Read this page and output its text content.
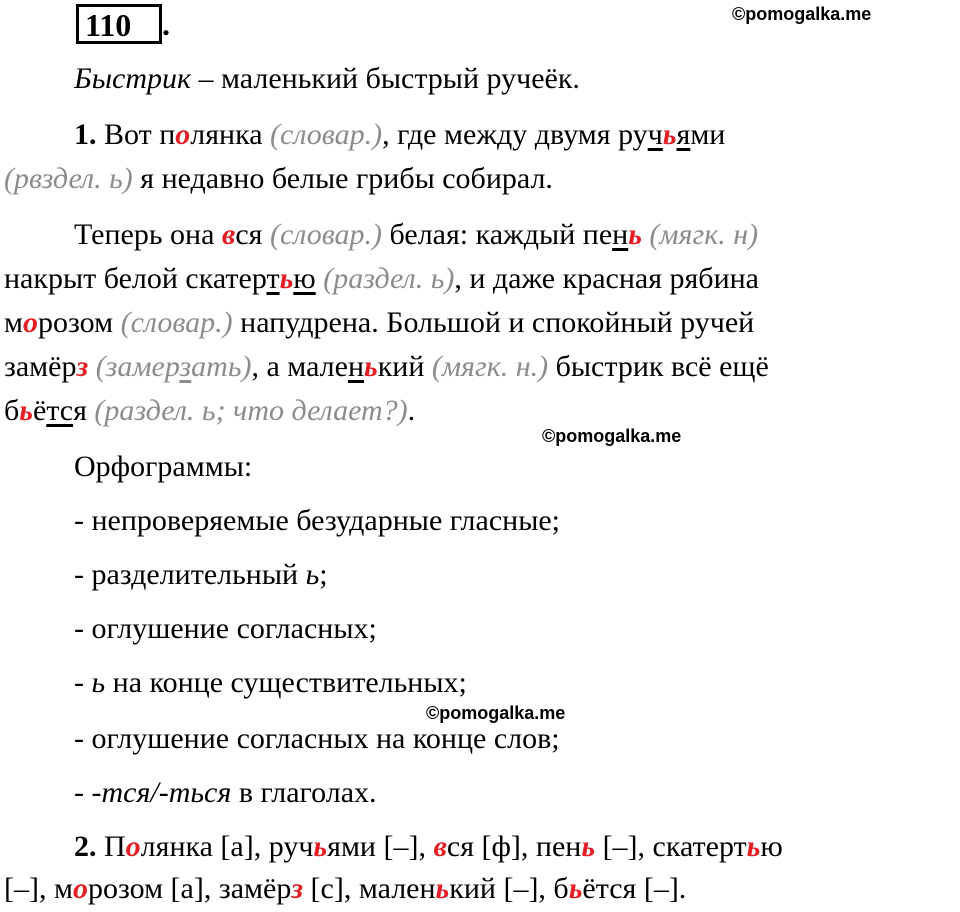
110 .	©pomogalka.me
©pomogalka.me
©pomogalka.me
Быстрик – маленький быстрый ручеёк.
1. Вот полянка (словар.), где между двумя ручьями
(рвздел. ь) я недавно белые грибы собирал.
Теперь она вся (словар.) белая: каждый пень (мягк. н)
накрыт белой скатертью (раздел. ь), и даже красная рябина
морозом (словар.) напудрена. Большой и спокойный ручей
замёрз (замерзать), а маленький (мягк. н.) быстрик всё ещё
бьётся (раздел. ь; что делает?).
Орфограммы:
- непроверяемые безударные гласные;
- разделительный ь;
- оглушение согласных;
- ь на конце существительных;
- оглушение согласных на конце слов;
- -тся/-ться в глаголах.
2. Полянка [а], ручьями [–], вся [ф], пень [–], скатертью
[–], морозом [а], замёрз [с], маленький [–], бьётся [–].
